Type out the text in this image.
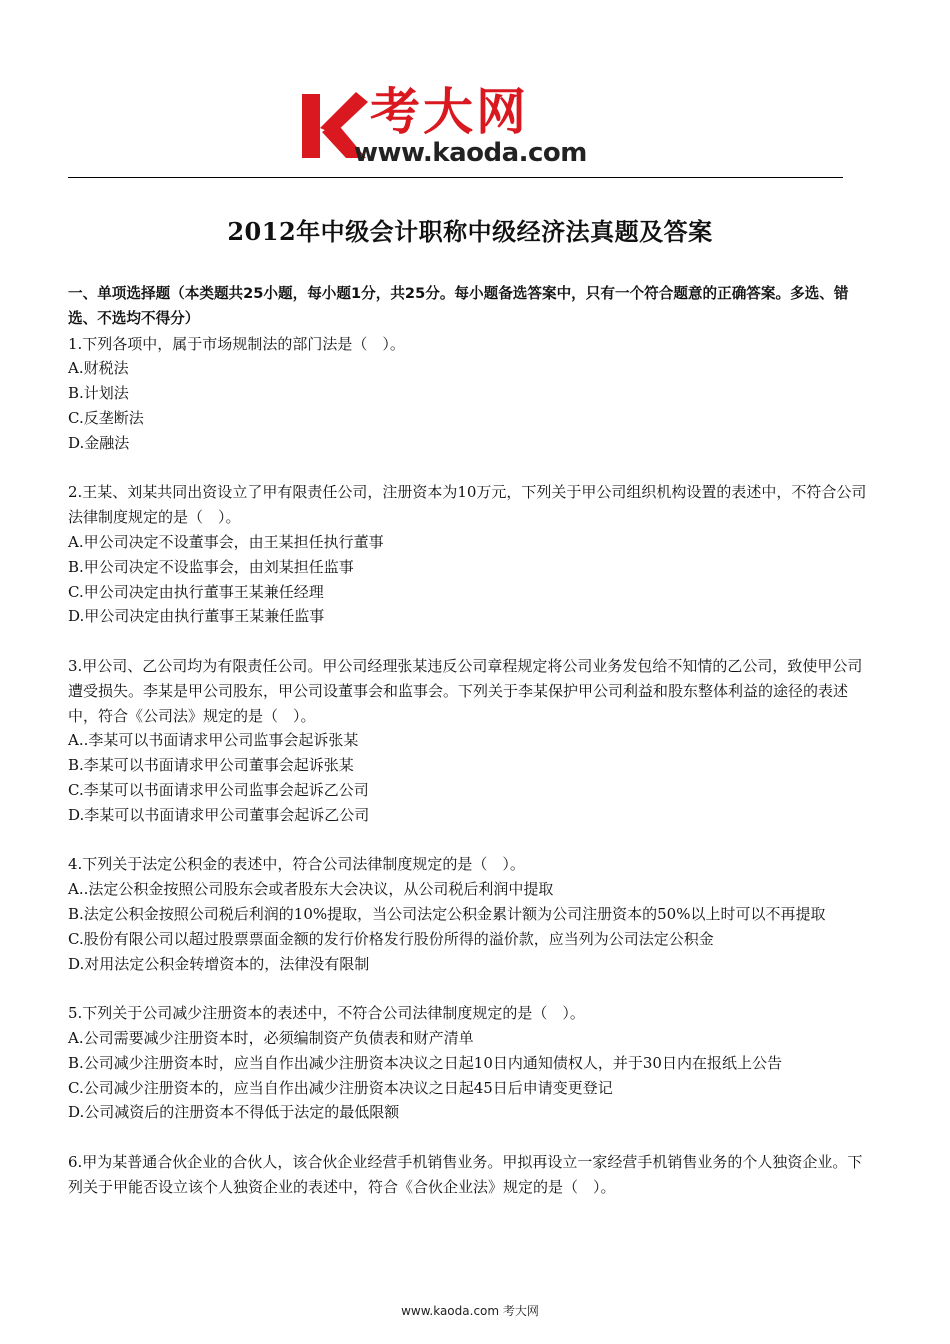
考大网
www.kaoda.com
2012年中级会计职称中级经济法真题及答案

一、单项选择题（本类题共25小题，每小题1分，共25分。每小题备选答案中，只有一个符合题意的正确答案。多选、错选、不选均不得分）

1.下列各项中，属于市场规制法的部门法是（　）。

A.财税法

B.计划法

C.反垄断法

D.金融法

2.王某、刘某共同出资设立了甲有限责任公司，注册资本为10万元，下列关于甲公司组织机构设置的表述中，不符合公司法律制度规定的是（　）。

A.甲公司决定不设董事会，由王某担任执行董事

B.甲公司决定不设监事会，由刘某担任监事

C.甲公司决定由执行董事王某兼任经理

D.甲公司决定由执行董事王某兼任监事

3.甲公司、乙公司均为有限责任公司。甲公司经理张某违反公司章程规定将公司业务发包给不知情的乙公司，致使甲公司遭受损失。李某是甲公司股东，甲公司设董事会和监事会。下列关于李某保护甲公司利益和股东整体利益的途径的表述中，符合《公司法》规定的是（　）。

A..李某可以书面请求甲公司监事会起诉张某

B.李某可以书面请求甲公司董事会起诉张某

C.李某可以书面请求甲公司监事会起诉乙公司

D.李某可以书面请求甲公司董事会起诉乙公司

4.下列关于法定公积金的表述中，符合公司法律制度规定的是（　）。

A..法定公积金按照公司股东会或者股东大会决议，从公司税后利润中提取

B.法定公积金按照公司税后利润的10%提取，当公司法定公积金累计额为公司注册资本的50%以上时可以不再提取

C.股份有限公司以超过股票票面金额的发行价格发行股份所得的溢价款，应当列为公司法定公积金

D.对用法定公积金转增资本的，法律没有限制

5.下列关于公司减少注册资本的表述中，不符合公司法律制度规定的是（　）。

A.公司需要减少注册资本时，必须编制资产负债表和财产清单

B.公司减少注册资本时，应当自作出减少注册资本决议之日起10日内通知债权人，并于30日内在报纸上公告

C.公司减少注册资本的，应当自作出减少注册资本决议之日起45日后申请变更登记

D.公司减资后的注册资本不得低于法定的最低限额

6.甲为某普通合伙企业的合伙人，该合伙企业经营手机销售业务。甲拟再设立一家经营手机销售业务的个人独资企业。下列关于甲能否设立该个人独资企业的表述中，符合《合伙企业法》规定的是（　）。

www.kaoda.com 考大网
